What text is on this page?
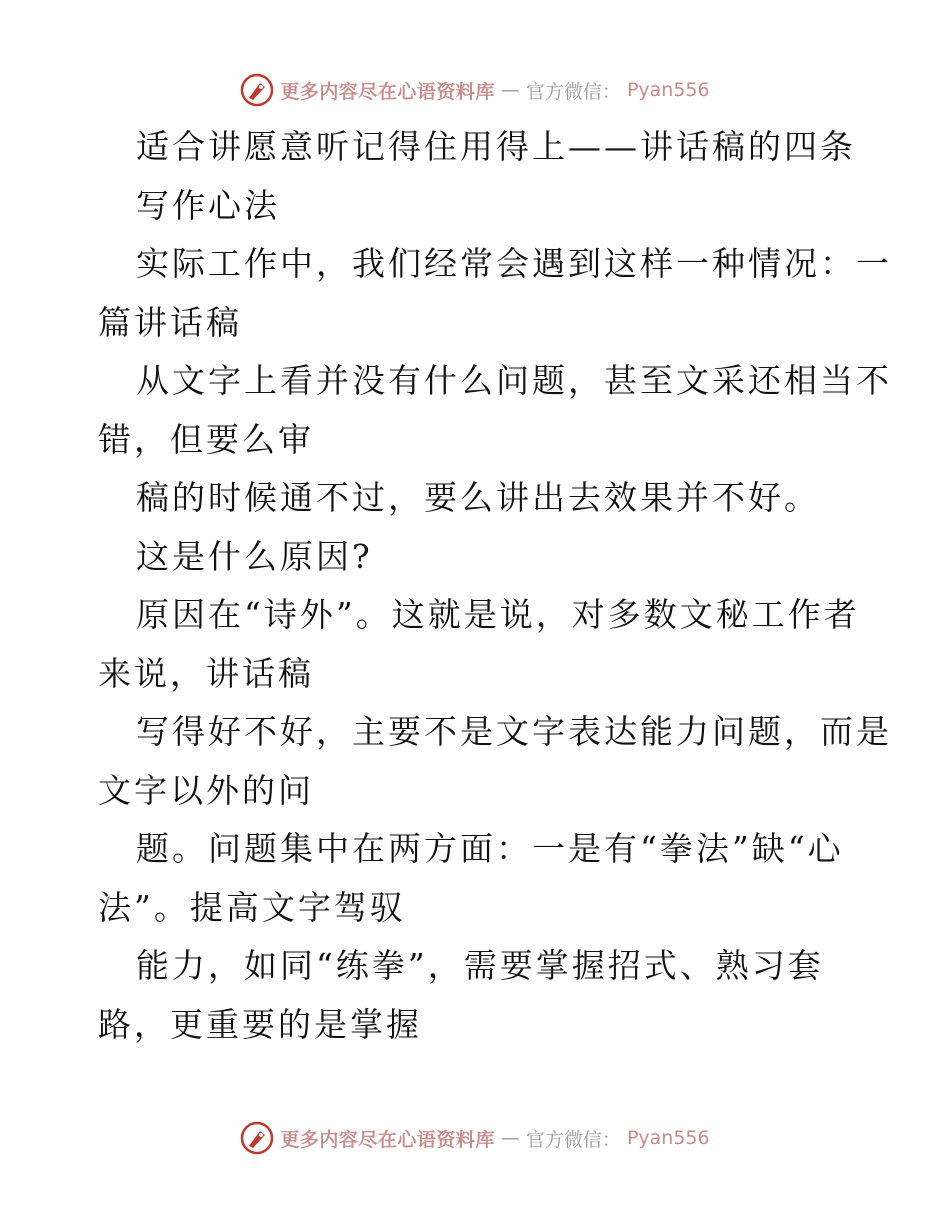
更多内容尽在心语资料库 — 官方微信： Pyan556
适合讲愿意听记得住用得上——讲话稿的四条
写作心法
实际工作中，我们经常会遇到这样一种情况：一
篇讲话稿
从文字上看并没有什么问题，甚至文采还相当不
错，但要么审
稿的时候通不过，要么讲出去效果并不好。
这是什么原因?
原因在“诗外”。这就是说，对多数文秘工作者
来说，讲话稿
写得好不好，主要不是文字表达能力问题，而是
文字以外的问
题。问题集中在两方面：一是有“拳法”缺“心
法”。提高文字驾驭
能力，如同“练拳”，需要掌握招式、熟习套
路，更重要的是掌握
更多内容尽在心语资料库 — 官方微信： Pyan556
